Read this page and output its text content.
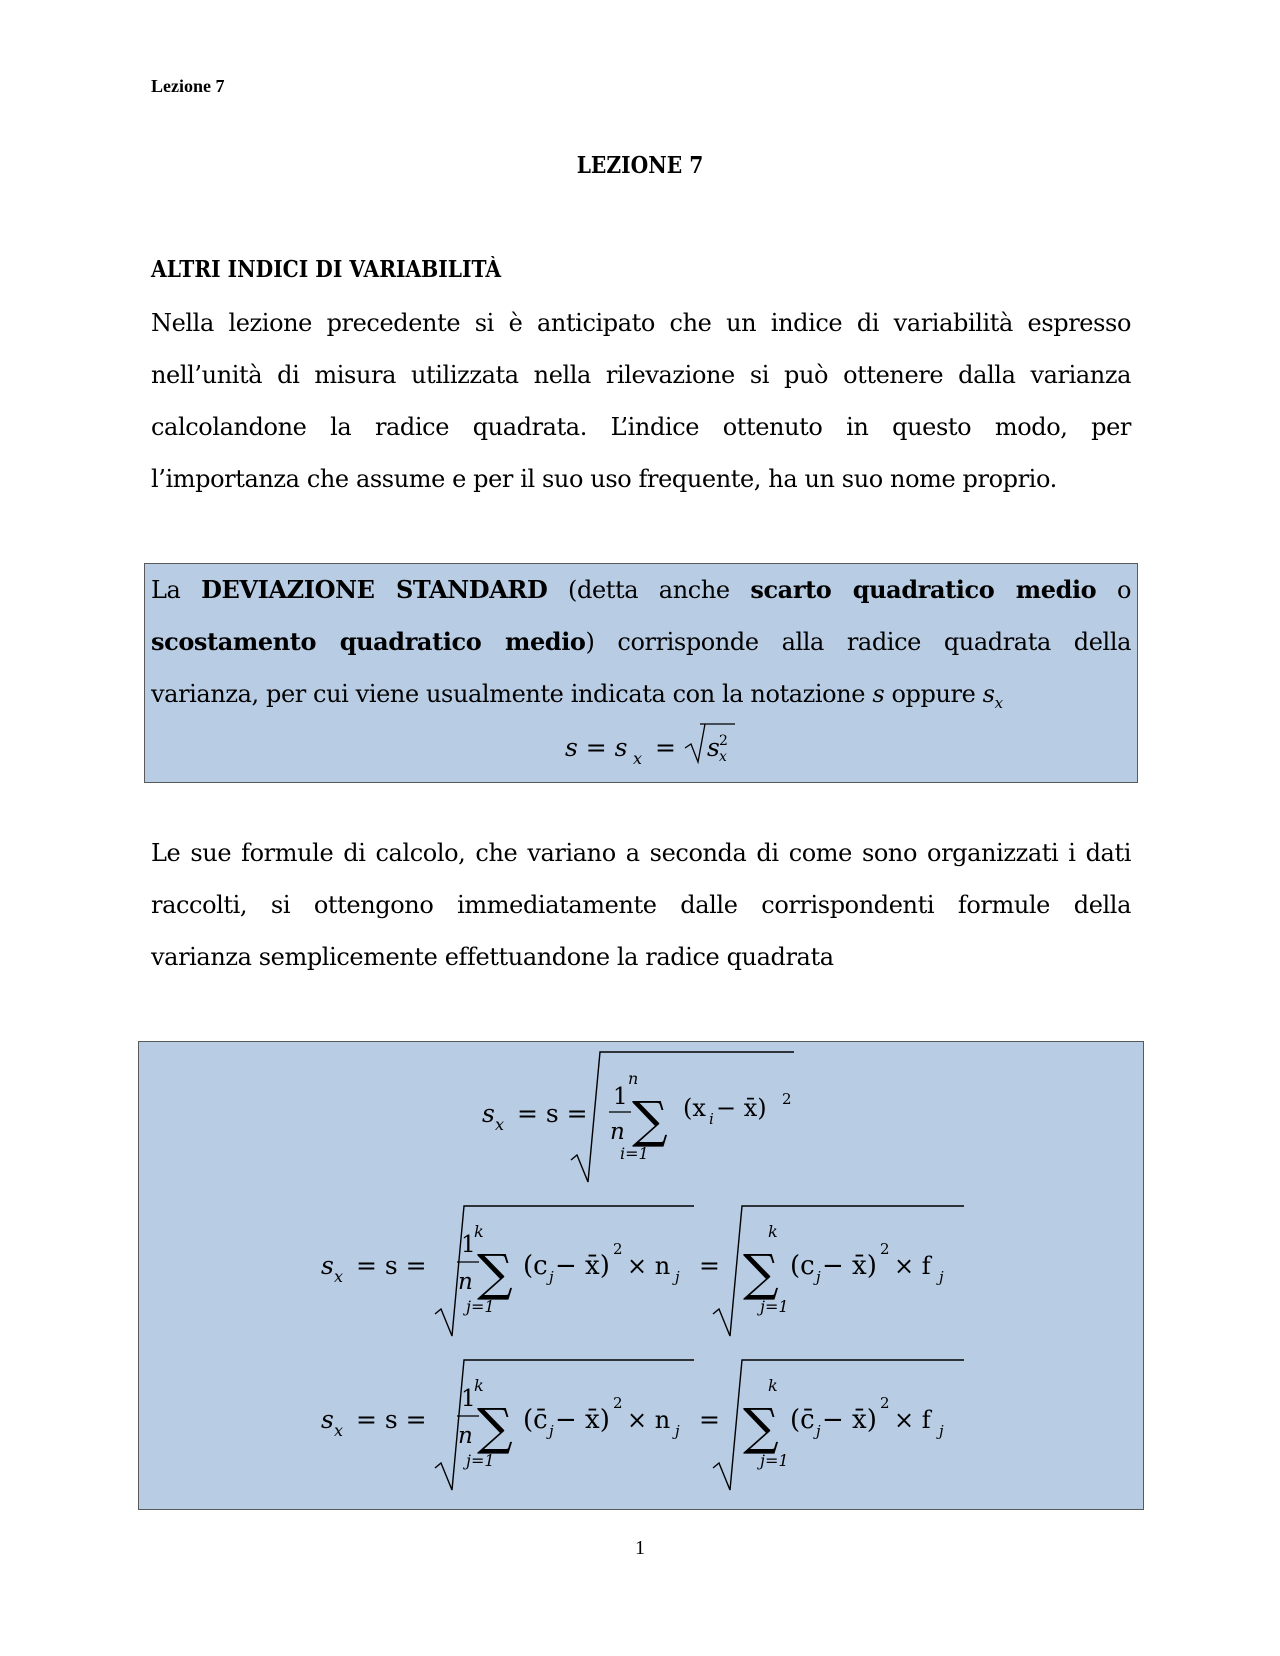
Lezione 7
LEZIONE 7
ALTRI INDICI DI VARIABILITÀ
Nella lezione precedente si è anticipato che un indice di variabilità espresso
nell’unità di misura utilizzata nella rilevazione si può ottenere dalla varianza
calcolandone la radice quadrata. L’indice ottenuto in questo modo, per
l’importanza che assume e per il suo uso frequente, ha un suo nome proprio.
La DEVIAZIONE STANDARD (detta anche scarto quadratico medio o
scostamento quadratico medio) corrisponde alla radice quadrata della
varianza, per cui viene usualmente indicata con la notazione s oppure $s_x$
s = s x = s 2
x
Le sue formule di calcolo, che variano a seconda di come sono organizzati i dati
raccolti, si ottengono immediatamente dalle corrispondenti formule della
varianza semplicemente effettuandone la radice quadrata
s x = s =
1
n
n
∑
i=1
(x i − x̄) 2
s x = s =
1
n
k
∑
j=1
(c j − x̄)
2
× n j =
k
∑
j=1
(c j − x̄)
2
× f j
s x = s =
1
n
k
∑
j=1
(c̄ j − x̄)
2
× n j =
k
∑
j=1
(c̄ j − x̄)
2
× f j
1
